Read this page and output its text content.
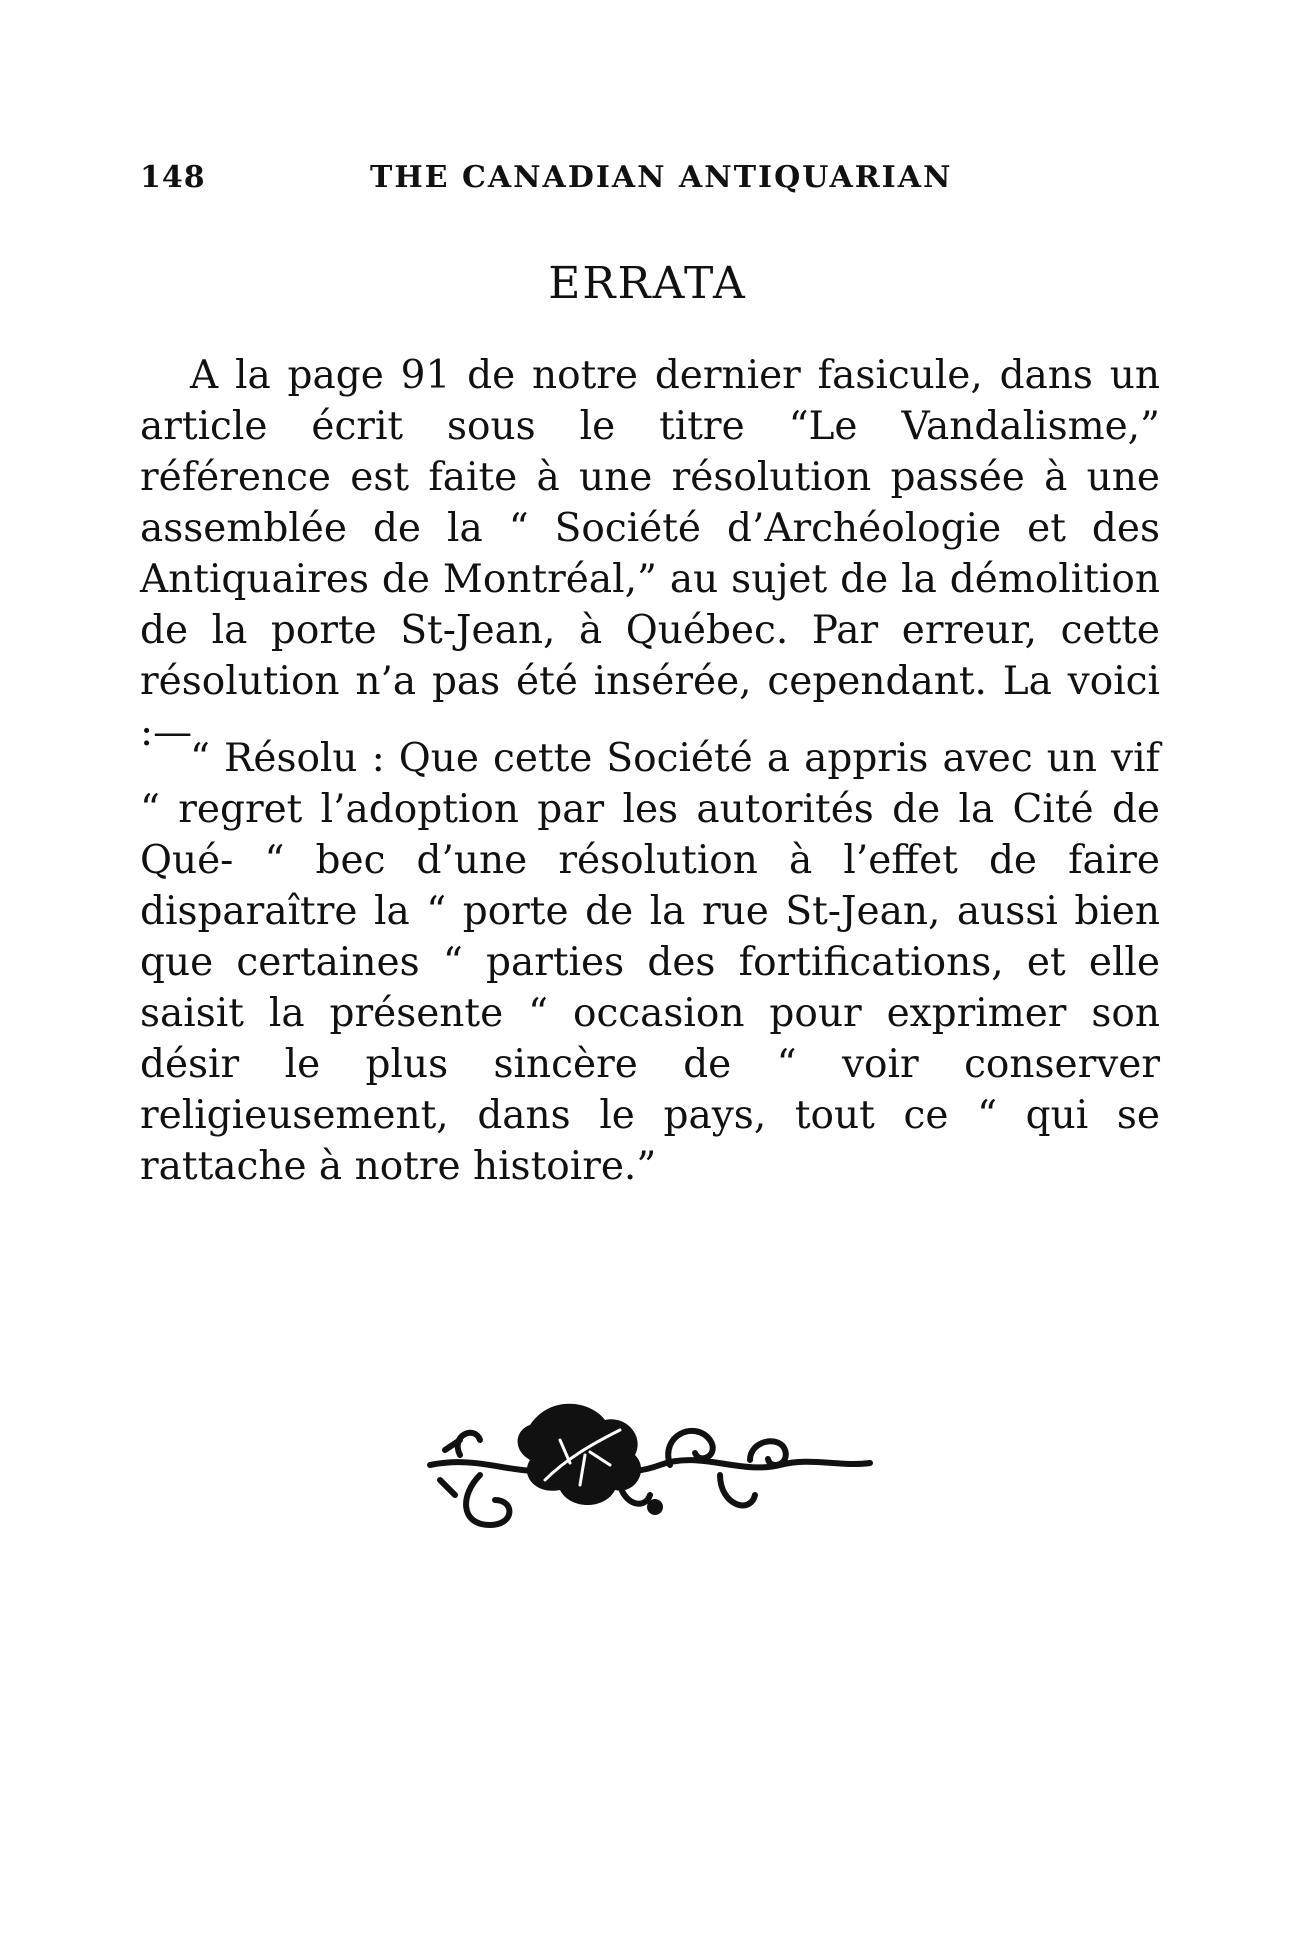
148	THE CANADIAN ANTIQUARIAN
ERRATA

A la page 91 de notre dernier fasicule, dans un article écrit sous le titre “Le Vandalisme,” référence est faite à une résolution passée à une assemblée de la “ Société d’Archéologie et des Antiquaires de Montréal,” au sujet de la démolition de la porte St-Jean, à Québec. Par erreur, cette résolution n’a pas été insérée, cependant. La voici :—

“ Résolu : Que cette Société a appris avec un vif “ regret l’adoption par les autorités de la Cité de Qué- “ bec d’une résolution à l’effet de faire disparaître la “ porte de la rue St-Jean, aussi bien que certaines “ parties des fortifications, et elle saisit la présente “ occasion pour exprimer son désir le plus sincère de “ voir conserver religieusement, dans le pays, tout ce “ qui se rattache à notre histoire.”
